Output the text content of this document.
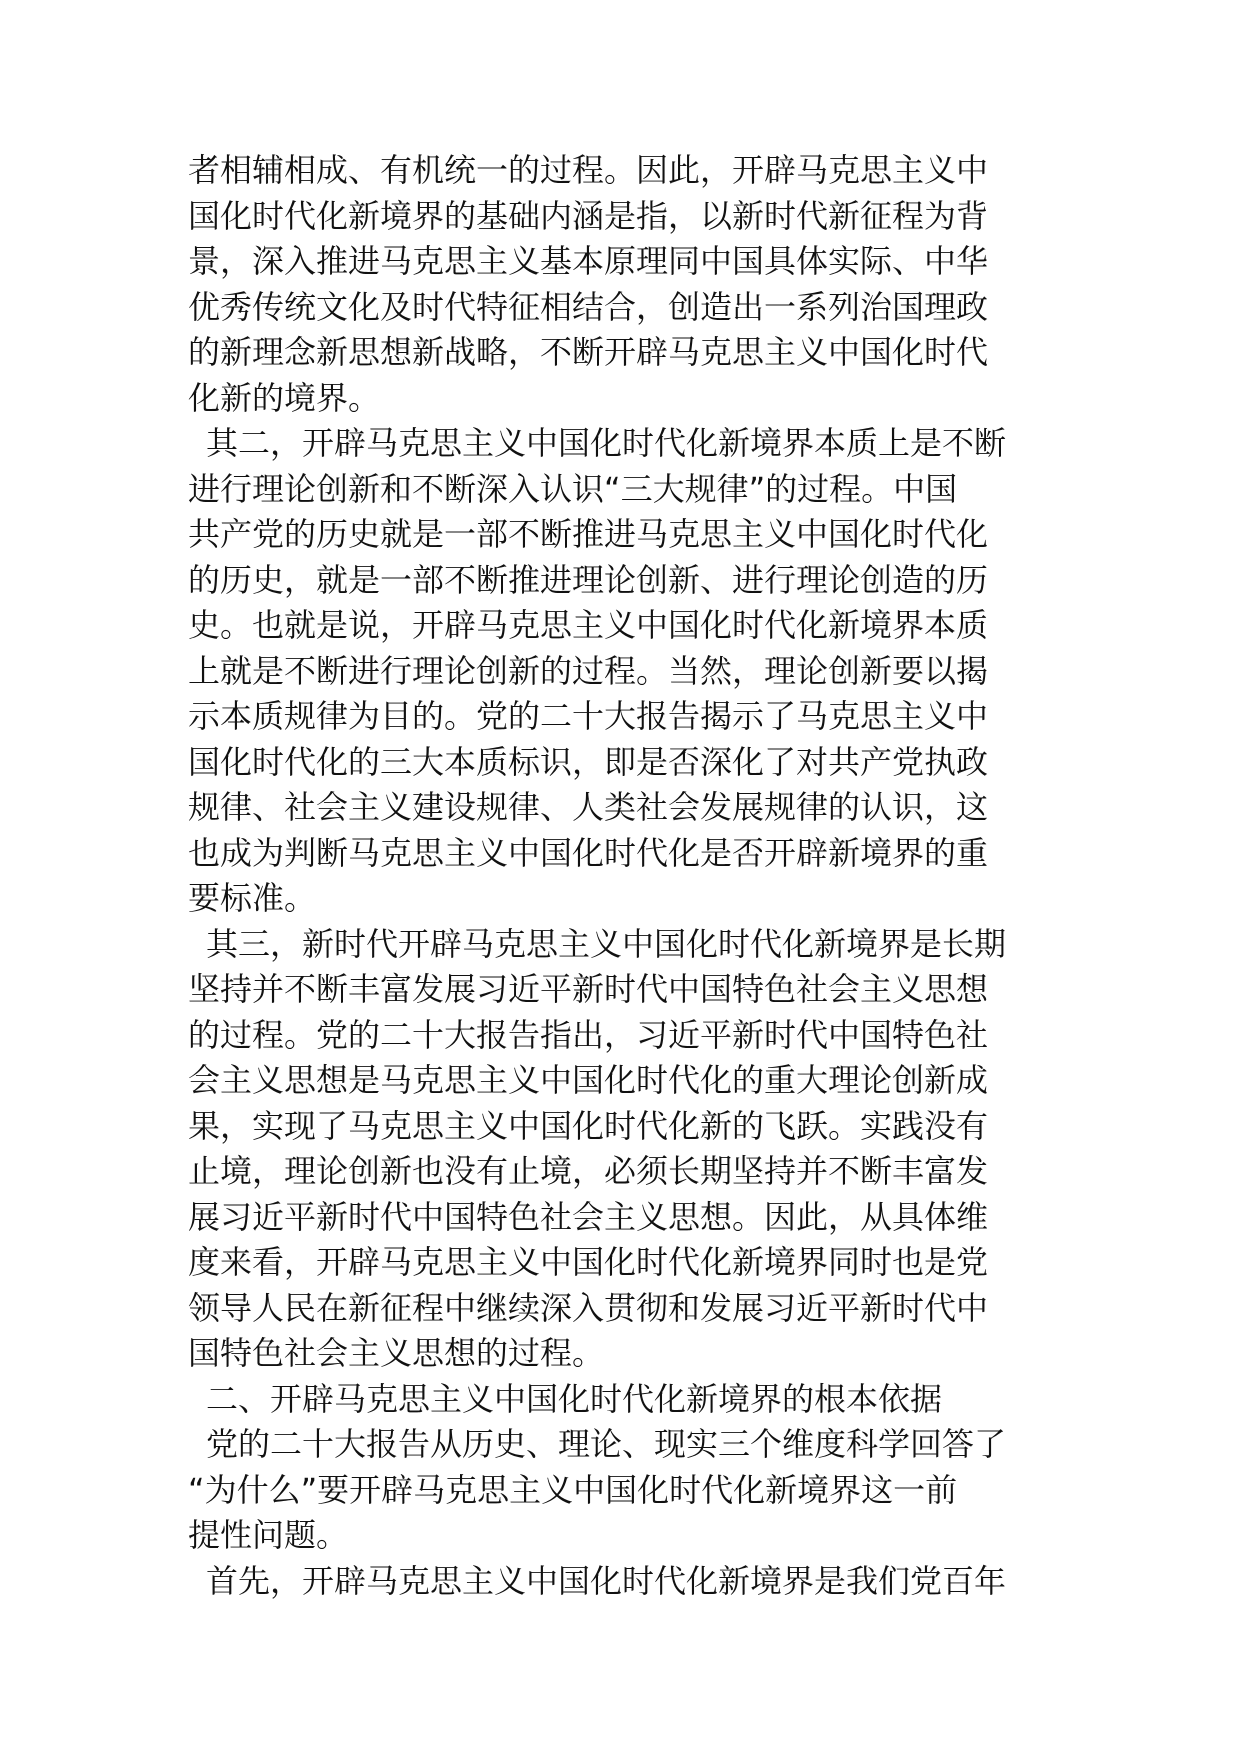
者相辅相成、有机统一的过程。因此，开辟马克思主义中
国化时代化新境界的基础内涵是指，以新时代新征程为背
景，深入推进马克思主义基本原理同中国具体实际、中华
优秀传统文化及时代特征相结合，创造出一系列治国理政
的新理念新思想新战略，不断开辟马克思主义中国化时代
化新的境界。
其二，开辟马克思主义中国化时代化新境界本质上是不断
进行理论创新和不断深入认识“三大规律”的过程。中国
共产党的历史就是一部不断推进马克思主义中国化时代化
的历史，就是一部不断推进理论创新、进行理论创造的历
史。也就是说，开辟马克思主义中国化时代化新境界本质
上就是不断进行理论创新的过程。当然，理论创新要以揭
示本质规律为目的。党的二十大报告揭示了马克思主义中
国化时代化的三大本质标识，即是否深化了对共产党执政
规律、社会主义建设规律、人类社会发展规律的认识，这
也成为判断马克思主义中国化时代化是否开辟新境界的重
要标准。
其三，新时代开辟马克思主义中国化时代化新境界是长期
坚持并不断丰富发展习近平新时代中国特色社会主义思想
的过程。党的二十大报告指出，习近平新时代中国特色社
会主义思想是马克思主义中国化时代化的重大理论创新成
果，实现了马克思主义中国化时代化新的飞跃。实践没有
止境，理论创新也没有止境，必须长期坚持并不断丰富发
展习近平新时代中国特色社会主义思想。因此，从具体维
度来看，开辟马克思主义中国化时代化新境界同时也是党
领导人民在新征程中继续深入贯彻和发展习近平新时代中
国特色社会主义思想的过程。
二、开辟马克思主义中国化时代化新境界的根本依据
党的二十大报告从历史、理论、现实三个维度科学回答了
“为什么”要开辟马克思主义中国化时代化新境界这一前
提性问题。
首先，开辟马克思主义中国化时代化新境界是我们党百年
